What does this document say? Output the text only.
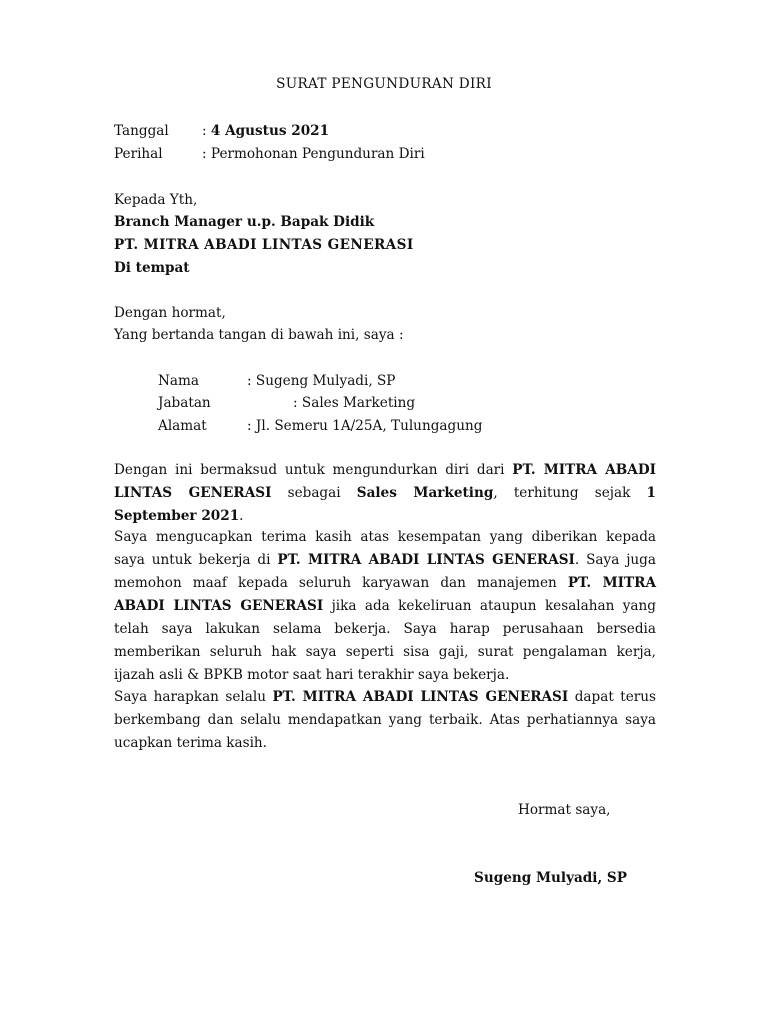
SURAT PENGUNDURAN DIRI
Tanggal : 4 Agustus 2021
Perihal	: Permohonan Pengunduran Diri
Kepada Yth,
Branch Manager u.p. Bapak Didik
PT. MITRA ABADI LINTAS GENERASI
Di tempat
Dengan hormat,
Yang bertanda tangan di bawah ini, saya :
Nama	: Sugeng Mulyadi, SP
Jabatan	: Sales Marketing
Alamat	: Jl. Semeru 1A/25A, Tulungagung
Dengan ini bermaksud untuk mengundurkan diri dari PT. MITRA ABADI LINTAS GENERASI sebagai Sales Marketing, terhitung sejak 1 September 2021.
Saya mengucapkan terima kasih atas kesempatan yang diberikan kepada saya untuk bekerja di PT. MITRA ABADI LINTAS GENERASI. Saya juga memohon maaf kepada seluruh karyawan dan manajemen PT. MITRA ABADI LINTAS GENERASI jika ada kekeliruan ataupun kesalahan yang telah saya lakukan selama bekerja. Saya harap perusahaan bersedia memberikan seluruh hak saya seperti sisa gaji, surat pengalaman kerja, ijazah asli & BPKB motor saat hari terakhir saya bekerja.
Saya harapkan selalu PT. MITRA ABADI LINTAS GENERASI dapat terus berkembang dan selalu mendapatkan yang terbaik. Atas perhatiannya saya ucapkan terima kasih.
Hormat saya,
Sugeng Mulyadi, SP
